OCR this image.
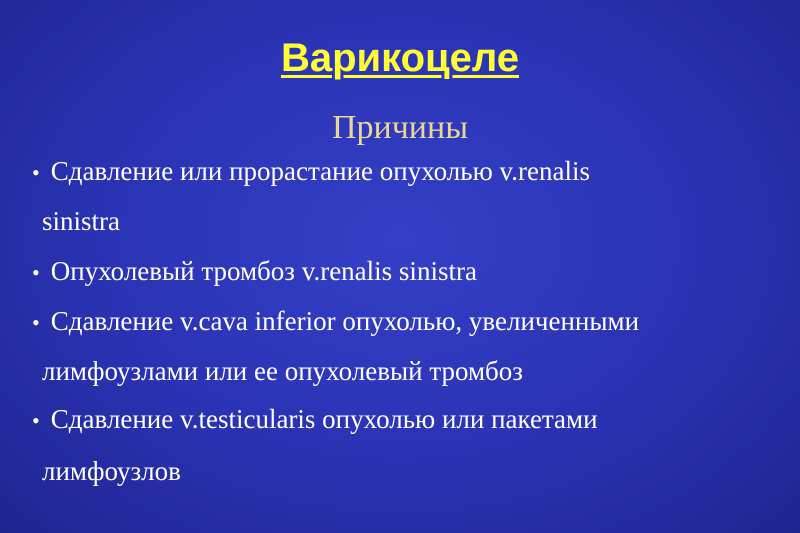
Варикоцеле
Причины
• Сдавление или прорастание опухолью v.renalis
sinistra
• Опухолевый тромбоз v.renalis sinistra
• Сдавление v.cava inferior опухолью, увеличенными
лимфоузлами или ее опухолевый тромбоз
• Сдавление v.testicularis опухолью или пакетами
лимфоузлов
